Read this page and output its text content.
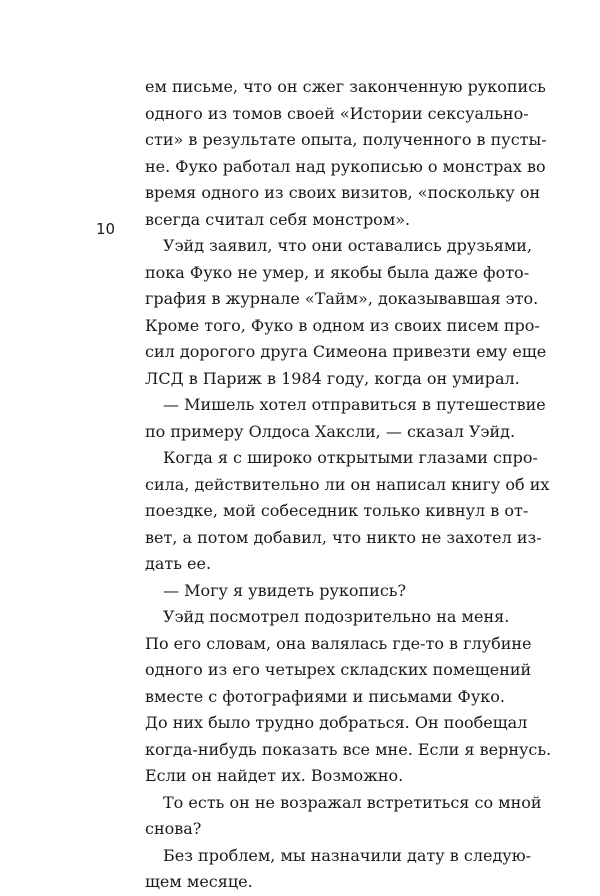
10
ем письме, что он сжег законченную рукопись
одного из томов своей «Истории сексуально-
сти» в результате опыта, полученного в пусты-
не. Фуко работал над рукописью о монстрах во
время одного из своих визитов, «поскольку он
всегда считал себя монстром».
Уэйд заявил, что они оставались друзьями,
пока Фуко не умер, и якобы была даже фото-
графия в журнале «Тайм», доказывавшая это.
Кроме того, Фуко в одном из своих писем про-
сил дорогого друга Симеона привезти ему еще
ЛСД в Париж в 1984 году, когда он умирал.
— Мишель хотел отправиться в путешествие
по примеру Олдоса Хаксли, — сказал Уэйд.
Когда я с широко открытыми глазами спро-
сила, действительно ли он написал книгу об их
поездке, мой собеседник только кивнул в от-
вет, а потом добавил, что никто не захотел из-
дать ее.
— Могу я увидеть рукопись?
Уэйд посмотрел подозрительно на меня.
По его словам, она валялась где-то в глубине
одного из его четырех складских помещений
вместе с фотографиями и письмами Фуко.
До них было трудно добраться. Он пообещал
когда-нибудь показать все мне. Если я вернусь.
Если он найдет их. Возможно.
То есть он не возражал встретиться со мной
снова?
Без проблем, мы назначили дату в следую-
щем месяце.
